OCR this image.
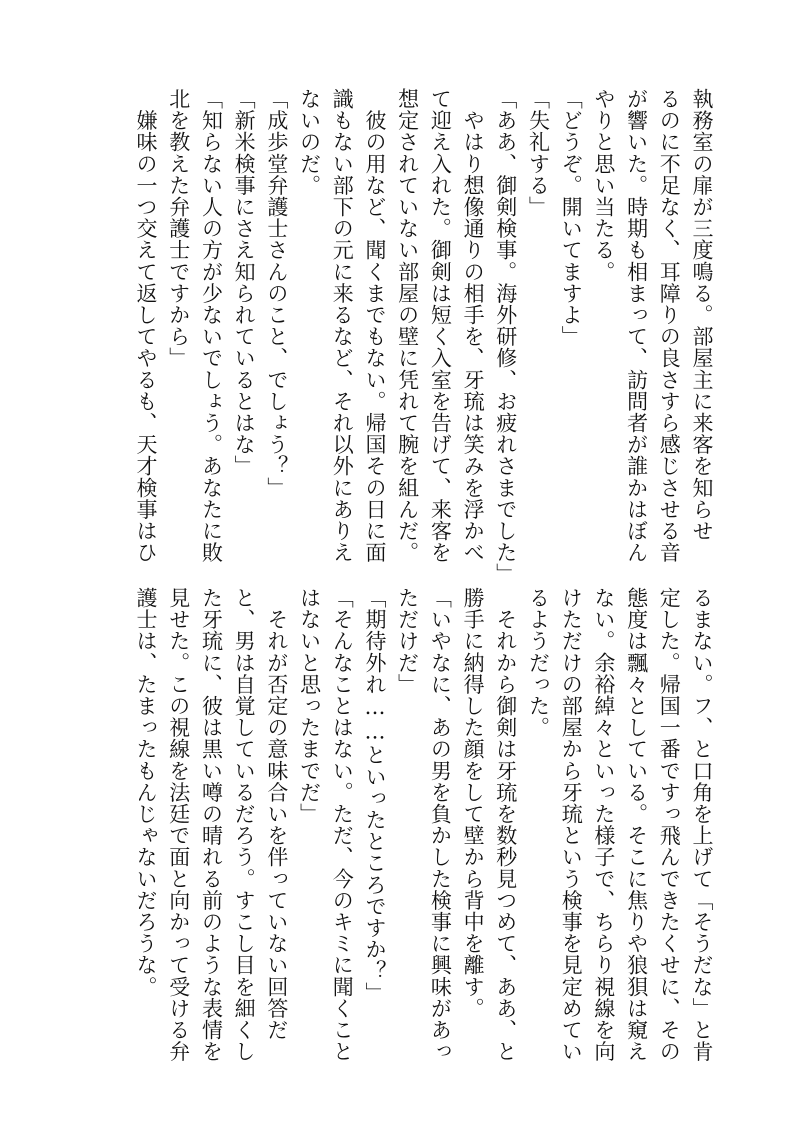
執務室の扉が三度鳴る。部屋主に来客を知らせ
るのに不足なく、耳障りの良さすら感じさせる音
が響いた。時期も相まって、訪問者が誰かはぼん
やりと思い当たる。
「どうぞ。開いてますよ」
「失礼する」
「ああ、御剣検事。海外研修、お疲れさまでした」
　やはり想像通りの相手を、牙琉は笑みを浮かべ
て迎え入れた。御剣は短く入室を告げて、来客を
想定されていない部屋の壁に凭れて腕を組んだ。
　彼の用など、聞くまでもない。帰国その日に面
識もない部下の元に来るなど、それ以外にありえ
ないのだ。
「成歩堂弁護士さんのこと、でしょう？」
「新米検事にさえ知られているとはな」
「知らない人の方が少ないでしょう。あなたに敗
北を教えた弁護士ですから」
　嫌味の一つ交えて返してやるも、天才検事はひ
るまない。フ、と口角を上げて「そうだな」と肯
定した。帰国一番ですっ飛んできたくせに、その
態度は飄々としている。そこに焦りや狼狽は窺え
ない。余裕綽々といった様子で、ちらり視線を向
けただけの部屋から牙琉という検事を見定めてい
るようだった。
　それから御剣は牙琉を数秒見つめて、ああ、と
勝手に納得した顔をして壁から背中を離す。
「いやなに、あの男を負かした検事に興味があっ
ただけだ」
「期待外れ……といったところですか？」
「そんなことはない。ただ、今のキミに聞くこと
はないと思ったまでだ」
　それが否定の意味合いを伴っていない回答だ
と、男は自覚しているだろう。すこし目を細くし
た牙琉に、彼は黒い噂の晴れる前のような表情を
見せた。この視線を法廷で面と向かって受ける弁
護士は、たまったもんじゃないだろうな。
